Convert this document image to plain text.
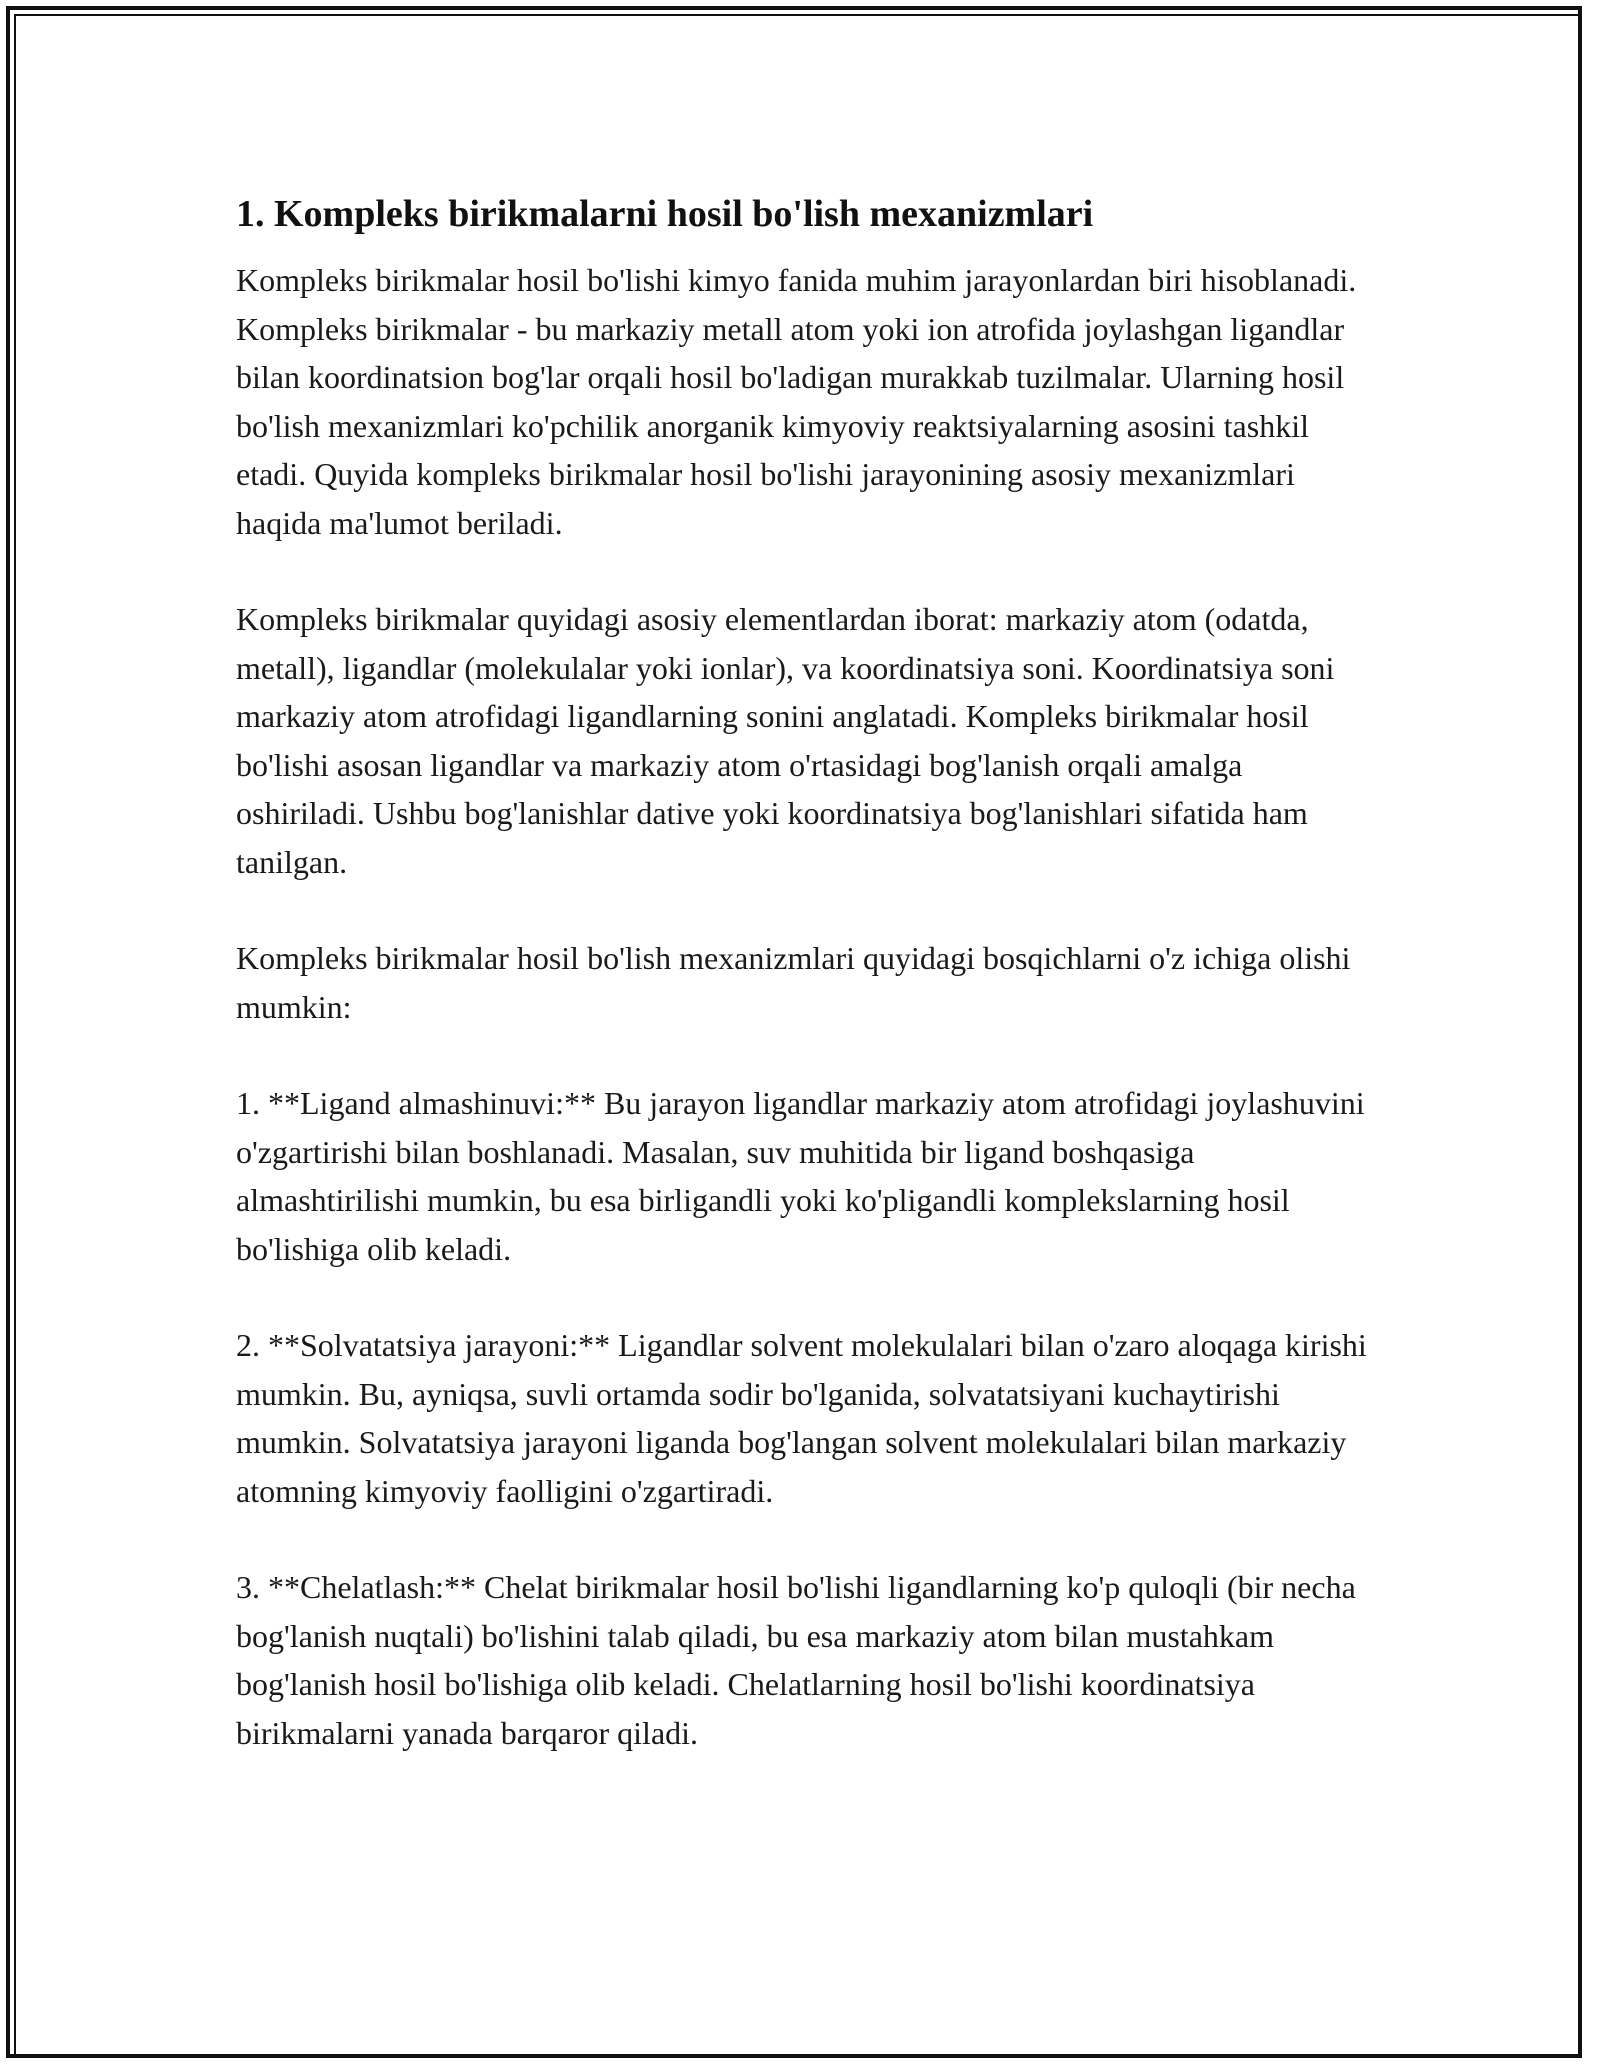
1. Kompleks birikmalarni hosil bo'lish mexanizmlari

Kompleks birikmalar hosil bo'lishi kimyo fanida muhim jarayonlardan biri hisoblanadi. Kompleks birikmalar - bu markaziy metall atom yoki ion atrofida joylashgan ligandlar bilan koordinatsion bog'lar orqali hosil bo'ladigan murakkab tuzilmalar. Ularning hosil bo'lish mexanizmlari ko'pchilik anorganik kimyoviy reaktsiyalarning asosini tashkil etadi. Quyida kompleks birikmalar hosil bo'lishi jarayonining asosiy mexanizmlari haqida ma'lumot beriladi.

Kompleks birikmalar quyidagi asosiy elementlardan iborat: markaziy atom (odatda, metall), ligandlar (molekulalar yoki ionlar), va koordinatsiya soni. Koordinatsiya soni markaziy atom atrofidagi ligandlarning sonini anglatadi. Kompleks birikmalar hosil bo'lishi asosan ligandlar va markaziy atom o'rtasidagi bog'lanish orqali amalga oshiriladi. Ushbu bog'lanishlar dative yoki koordinatsiya bog'lanishlari sifatida ham tanilgan.

Kompleks birikmalar hosil bo'lish mexanizmlari quyidagi bosqichlarni o'z ichiga olishi mumkin:

1. **Ligand almashinuvi:** Bu jarayon ligandlar markaziy atom atrofidagi joylashuvini o'zgartirishi bilan boshlanadi. Masalan, suv muhitida bir ligand boshqasiga almashtirilishi mumkin, bu esa birligandli yoki ko'pligandli komplekslarning hosil bo'lishiga olib keladi.

2. **Solvatatsiya jarayoni:** Ligandlar solvent molekulalari bilan o'zaro aloqaga kirishi mumkin. Bu, ayniqsa, suvli ortamda sodir bo'lganida, solvatatsiyani kuchaytirishi mumkin. Solvatatsiya jarayoni liganda bog'langan solvent molekulalari bilan markaziy atomning kimyoviy faolligini o'zgartiradi.

3. **Chelatlash:** Chelat birikmalar hosil bo'lishi ligandlarning ko'p quloqli (bir necha bog'lanish nuqtali) bo'lishini talab qiladi, bu esa markaziy atom bilan mustahkam bog'lanish hosil bo'lishiga olib keladi. Chelatlarning hosil bo'lishi koordinatsiya birikmalarni yanada barqaror qiladi.
